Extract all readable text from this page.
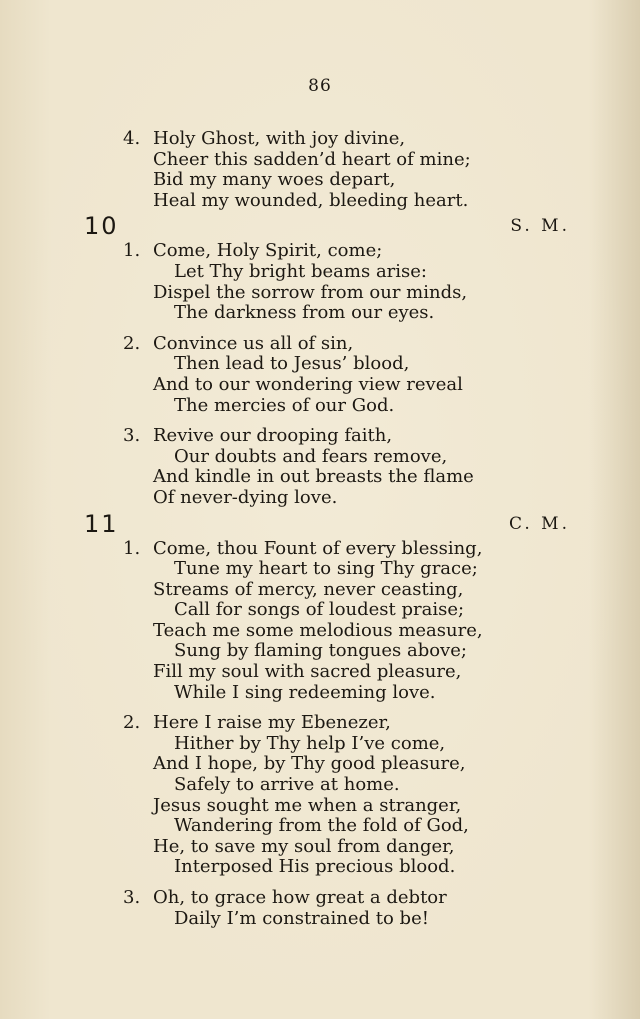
86
4. Holy Ghost, with joy divine,
Cheer this sadden’d heart of mine;
Bid my many woes depart,
Heal my wounded, bleeding heart.
10	S. M.
1. Come, Holy Spirit, come;
Let Thy bright beams arise:
Dispel the sorrow from our minds,
The darkness from our eyes.
2. Convince us all of sin,
Then lead to Jesus’ blood,
And to our wondering view reveal
The mercies of our God.
3. Revive our drooping faith,
Our doubts and fears remove,
And kindle in out breasts the flame
Of never-dying love.
11	C. M.
1. Come, thou Fount of every blessing,
Tune my heart to sing Thy grace;
Streams of mercy, never ceasting,
Call for songs of loudest praise;
Teach me some melodious measure,
Sung by flaming tongues above;
Fill my soul with sacred pleasure,
While I sing redeeming love.
2. Here I raise my Ebenezer,
Hither by Thy help I’ve come,
And I hope, by Thy good pleasure,
Safely to arrive at home.
Jesus sought me when a stranger,
Wandering from the fold of God,
He, to save my soul from danger,
Interposed His precious blood.
3. Oh, to grace how great a debtor
Daily I’m constrained to be!
